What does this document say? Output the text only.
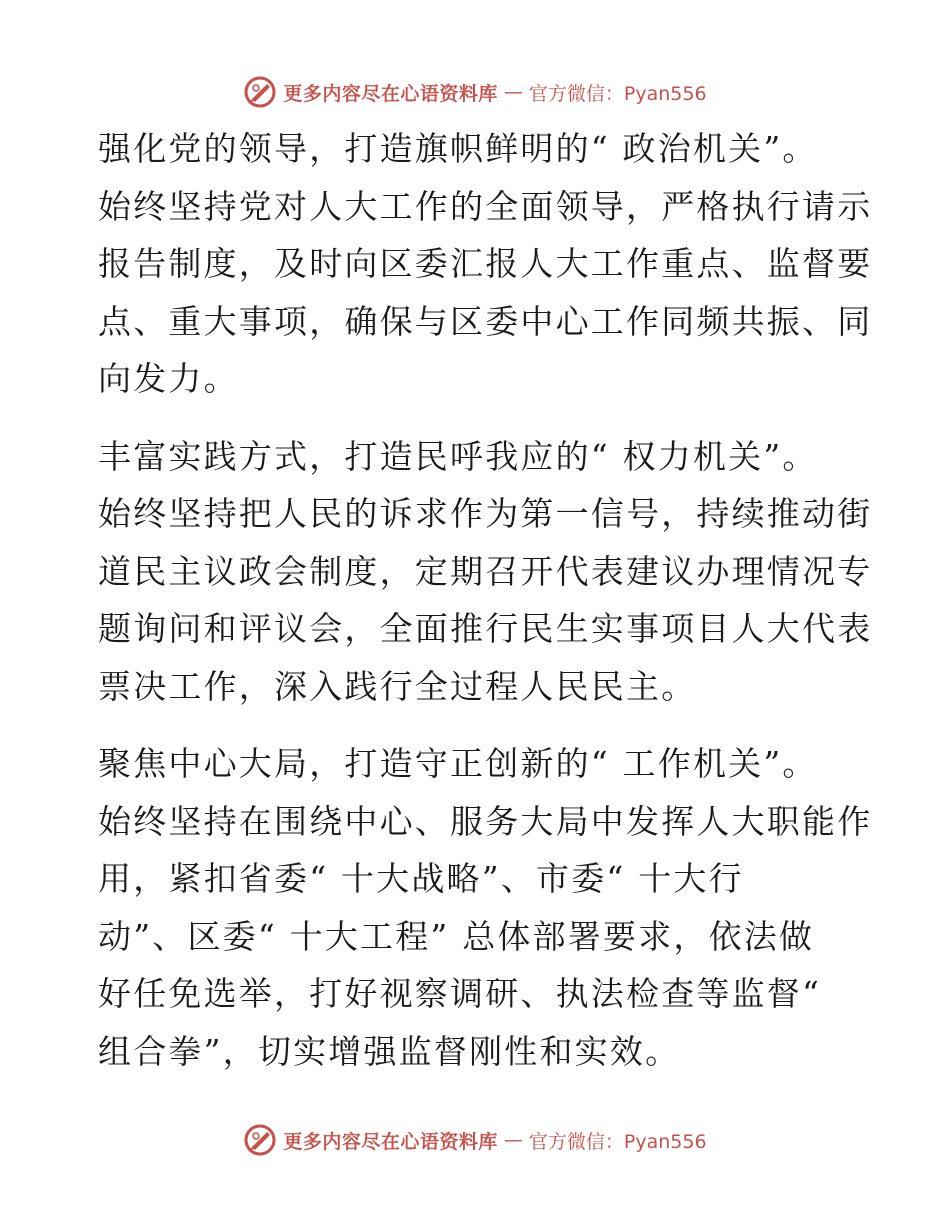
更多内容尽在心语资料库 — 官方微信：Pyan556
强化党的领导，打造旗帜鲜明的“ 政治机关”。
始终坚持党对人大工作的全面领导，严格执行请示
报告制度，及时向区委汇报人大工作重点、监督要
点、重大事项，确保与区委中心工作同频共振、同
向发力。
丰富实践方式，打造民呼我应的“ 权力机关”。
始终坚持把人民的诉求作为第一信号，持续推动街
道民主议政会制度，定期召开代表建议办理情况专
题询问和评议会，全面推行民生实事项目人大代表
票决工作，深入践行全过程人民民主。
聚焦中心大局，打造守正创新的“ 工作机关”。
始终坚持在围绕中心、服务大局中发挥人大职能作
用，紧扣省委“ 十大战略”、市委“ 十大行
动”、区委“ 十大工程” 总体部署要求，依法做
好任免选举，打好视察调研、执法检查等监督“
组合拳”，切实增强监督刚性和实效。
更多内容尽在心语资料库 — 官方微信：Pyan556
